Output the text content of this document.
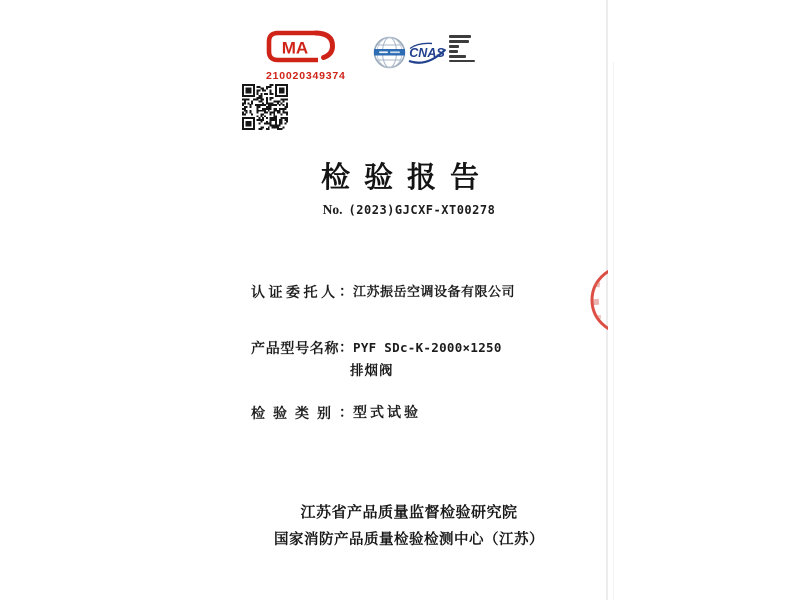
MA
210020349374
CNAS
检验报告
No. (2023)GJCXF-XT00278
认证委托人：江苏振岳空调设备有限公司
产品型号名称：PYF SDc-K-2000×1250
排烟阀
检验类别：型式试验
江苏省产品质量监督检验研究院
国家消防产品质量检验检测中心（江苏）
